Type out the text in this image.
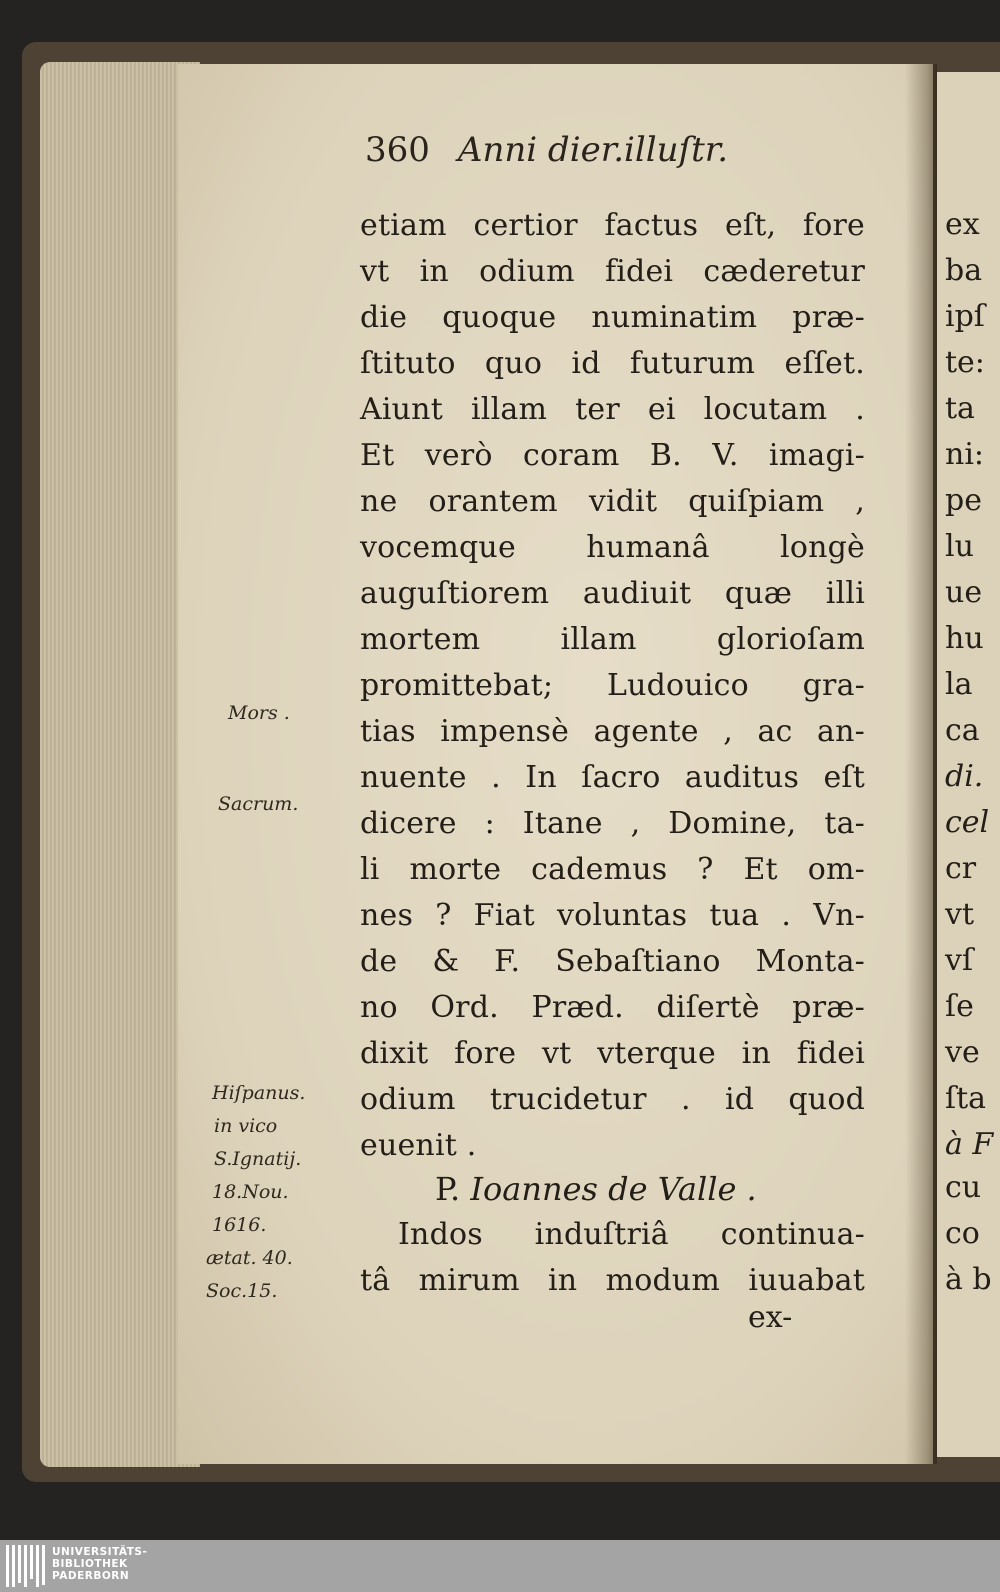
360 Anni dier.illuſtr.
etiam certior factus eſt, fore
vt in odium fidei cæderetur
die quoque numinatim præ-
ſtituto quo id futurum eſſet.
Aiunt illam ter ei locutam .
Et verò coram B. V. imagi-
ne orantem vidit quiſpiam ,
vocemque humanâ longè
auguſtiorem audiuit quæ illi
mortem illam glorioſam
promittebat; Ludouico gra-
tias impensè agente , ac an-
nuente . In ſacro auditus eſt
dicere : Itane , Domine, ta-
li morte cademus ? Et om-
nes ? Fiat voluntas tua . Vn-
de & F. Sebaſtiano Monta-
no Ord. Præd. diſertè præ-
dixit fore vt vterque in fidei
odium trucidetur . id quod
euenit .
P. Ioannes de Valle .
Indos induſtriâ continua-
tâ mirum in modum iuuabat
ex-
Mors .
Sacrum.
Hiſpanus.
in vico
S.Ignatij.
18.Nou.
1616.
ætat. 40.
Soc.15.
ex
ba
ipſ
te:
ta
ni:
pe
lu
ue
hu
la
ca
di.
cel
cr
vt
vſ
ſe
ve
ſta
à F
cu
co
à b
UNIVERSITÄTS-
BIBLIOTHEK
PADERBORN
